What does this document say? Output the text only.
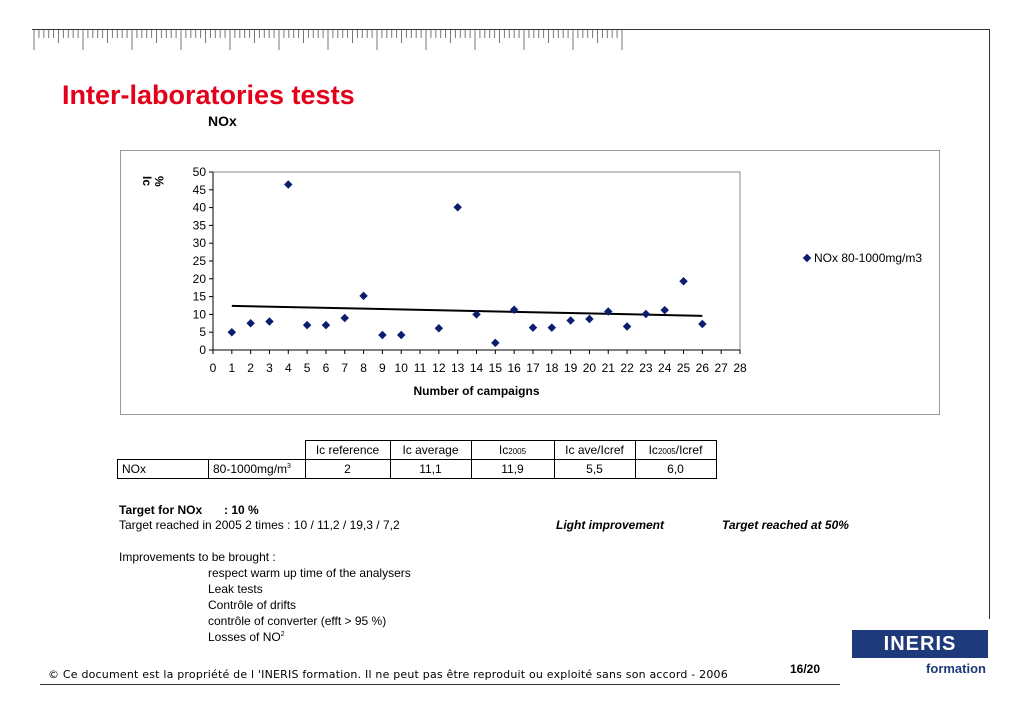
Inter-laboratories tests
NOx
0
5
10
15
20
25
30
35
40
45
50
0 1 2 3 4 5 6 7 8 9 10 11 12 13 14 15 16 17 18 19 20 21 22 23 24 25 26 27 28
Number of campaigns
Ic
%
NOx 80-1000mg/m3
		Ic reference	Ic average	Ic2005	Ic ave/Icref	Ic2005/Icref
NOx	$80-1000mg/m^3$	2	11,1	11,9	5,5	6,0
Target for NOx : 10 %
Target reached in 2005 2 times : 10 / 11,2 / 19,3 / 7,2	Light improvement	Target reached at 50%
Improvements to be brought :
respect warm up time of the analysers
Leak tests
Contrôle of drifts
contrôle of converter (efft > 95 %)
Losses of $NO^2$
© Ce document est la propriété de l 'INERIS formation. Il ne peut pas être reproduit ou exploité sans son accord - 2006	16/20
INERIS
formation
